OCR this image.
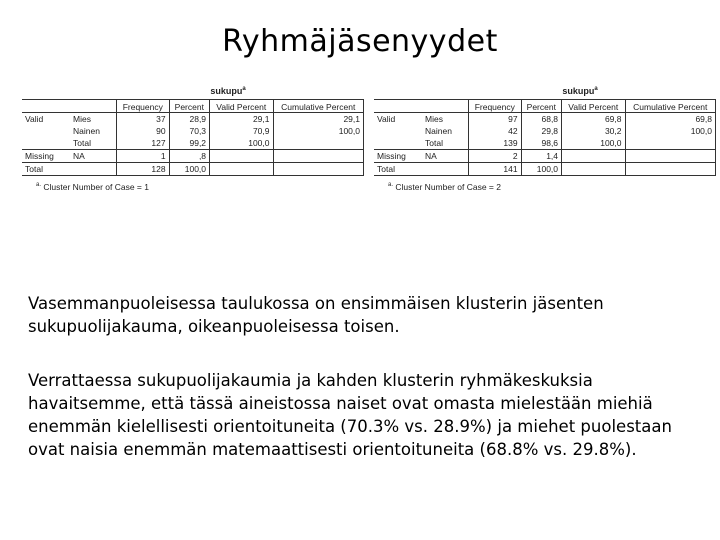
Ryhmäjäsenyydet
sukupu$^a$
		Frequency	Percent	Valid Percent	Cumulative Percent
Valid	Mies	37	28,9	29,1	29,1
	Nainen	90	70,3	70,9	100,0
	Total	127	99,2	100,0	
Missing	NA	1	,8		
Total		128	100,0		
$^{a.}$ Cluster Number of Case = 1
sukupu$^a$
		Frequency	Percent	Valid Percent	Cumulative Percent
Valid	Mies	97	68,8	69,8	69,8
	Nainen	42	29,8	30,2	100,0
	Total	139	98,6	100,0	
Missing	NA	2	1,4		
Total		141	100,0		
$^{a.}$ Cluster Number of Case = 2

Vasemmanpuoleisessa taulukossa on ensimmäisen klusterin jäsenten sukupuolijakauma, oikeanpuoleisessa toisen.

Verrattaessa sukupuolijakaumia ja kahden klusterin ryhmäkeskuksia havaitsemme, että tässä aineistossa naiset ovat omasta mielestään miehiä enemmän kielellisesti orientoituneita (70.3% vs. 28.9%) ja miehet puolestaan ovat naisia enemmän matemaattisesti orientoituneita (68.8% vs. 29.8%).
